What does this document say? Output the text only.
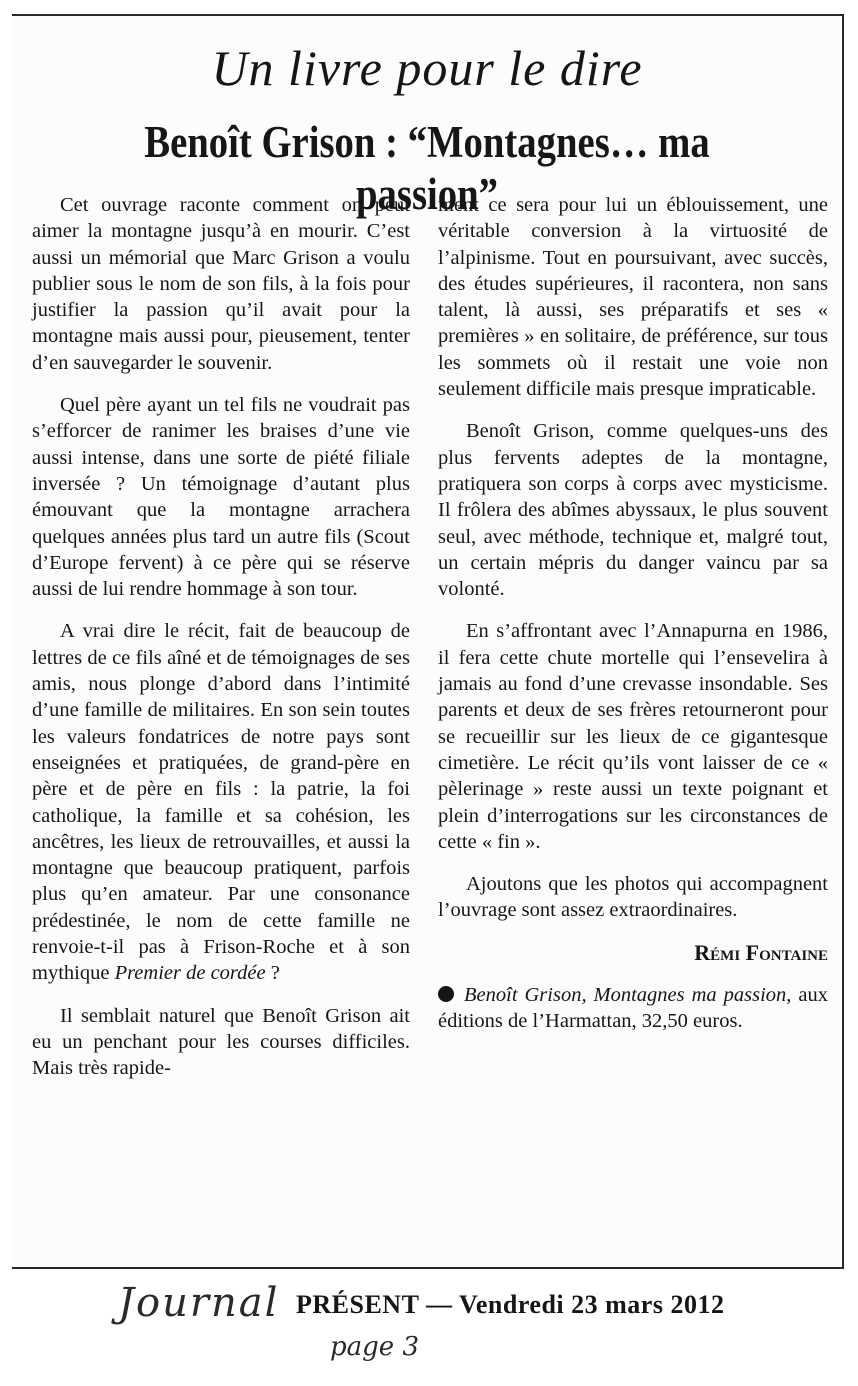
Un livre pour le dire
Benoît Grison : “Montagnes… ma passion”

Cet ouvrage raconte comment on peut aimer la montagne jusqu’à en mourir. C’est aussi un mémorial que Marc Grison a voulu publier sous le nom de son fils, à la fois pour justifier la passion qu’il avait pour la montagne mais aussi pour, pieusement, tenter d’en sauvegarder le souvenir.

Quel père ayant un tel fils ne voudrait pas s’efforcer de ranimer les braises d’une vie aussi intense, dans une sorte de piété filiale inversée ? Un témoignage d’autant plus émouvant que la montagne arrachera quelques années plus tard un autre fils (Scout d’Europe fervent) à ce père qui se réserve aussi de lui rendre hommage à son tour.

A vrai dire le récit, fait de beaucoup de lettres de ce fils aîné et de témoignages de ses amis, nous plonge d’abord dans l’intimité d’une famille de militaires. En son sein toutes les valeurs fondatrices de notre pays sont enseignées et pratiquées, de grand-père en père et de père en fils : la patrie, la foi catholique, la famille et sa cohésion, les ancêtres, les lieux de retrouvailles, et aussi la montagne que beaucoup pratiquent, parfois plus qu’en amateur. Par une consonance prédestinée, le nom de cette famille ne renvoie-t-il pas à Frison-Roche et à son mythique Premier de cordée ?

Il semblait naturel que Benoît Grison ait eu un penchant pour les courses difficiles. Mais très rapide-

ment ce sera pour lui un éblouissement, une véritable conversion à la virtuosité de l’alpinisme. Tout en poursuivant, avec succès, des études supérieures, il racontera, non sans talent, là aussi, ses préparatifs et ses « premières » en solitaire, de préférence, sur tous les sommets où il restait une voie non seulement difficile mais presque impraticable.

Benoît Grison, comme quelques-uns des plus fervents adeptes de la montagne, pratiquera son corps à corps avec mysticisme. Il frôlera des abîmes abyssaux, le plus souvent seul, avec méthode, technique et, malgré tout, un certain mépris du danger vaincu par sa volonté.

En s’affrontant avec l’Annapurna en 1986, il fera cette chute mortelle qui l’ensevelira à jamais au fond d’une crevasse insondable. Ses parents et deux de ses frères retourneront pour se recueillir sur les lieux de ce gigantesque cimetière. Le récit qu’ils vont laisser de ce « pèlerinage » reste aussi un texte poignant et plein d’interrogations sur les circonstances de cette « fin ».

Ajoutons que les photos qui accompagnent l’ouvrage sont assez extraordinaires.

Rémi Fontaine

Benoît Grison, Montagnes ma passion, aux éditions de l’Harmattan, 32,50 euros.

Journal PRÉSENT — Vendredi 23 mars 2012
page 3
